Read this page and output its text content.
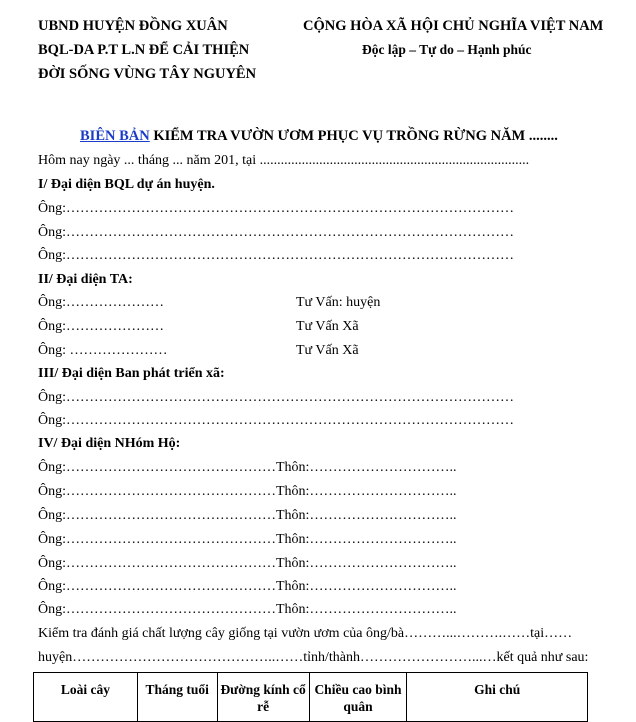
UBND HUYỆN ĐỒNG XUÂN
BQL-DA P.T L.N ĐỂ CẢI THIỆN
ĐỜI SỐNG VÙNG TÂY NGUYÊN
CỘNG HÒA XÃ HỘI CHỦ NGHĨA VIỆT NAM
Độc lập – Tự do – Hạnh phúc
BIÊN BẢN KIỂM TRA VƯỜN ƯƠM PHỤC VỤ TRỒNG RỪNG NĂM ........
Hôm nay ngày ... tháng ... năm 201, tại .............................................................................
I/ Đại diện BQL dự án huyện.
Ông:……………………………………………………………………………………
Ông:……………………………………………………………………………………
Ông:……………………………………………………………………………………
II/ Đại diện TA:
Ông:…………………	Tư Vấn: huyện
Ông:…………………	Tư Vấn Xã
Ông: …………………	Tư Vấn Xã
III/ Đại diện Ban phát triển xã:
Ông:……………………………………………………………………………………
Ông:……………………………………………………………………………………
IV/ Đại diện NHóm Hộ:
Ông:………………………………………Thôn:…………………………..
Ông:………………………………………Thôn:…………………………..
Ông:………………………………………Thôn:…………………………..
Ông:………………………………………Thôn:…………………………..
Ông:………………………………………Thôn:…………………………..
Ông:………………………………………Thôn:…………………………..
Ông:………………………………………Thôn:…………………………..
Kiểm tra đánh giá chất lượng cây giống tại vườn ươm của ông/bà………...……….……tại……
huyện……………………………………..……tỉnh/thành……………………...…kết quả như sau:
Loài cây	Tháng tuổi	Đường kính cổ rễ	Chiều cao bình quân	Ghi chú
